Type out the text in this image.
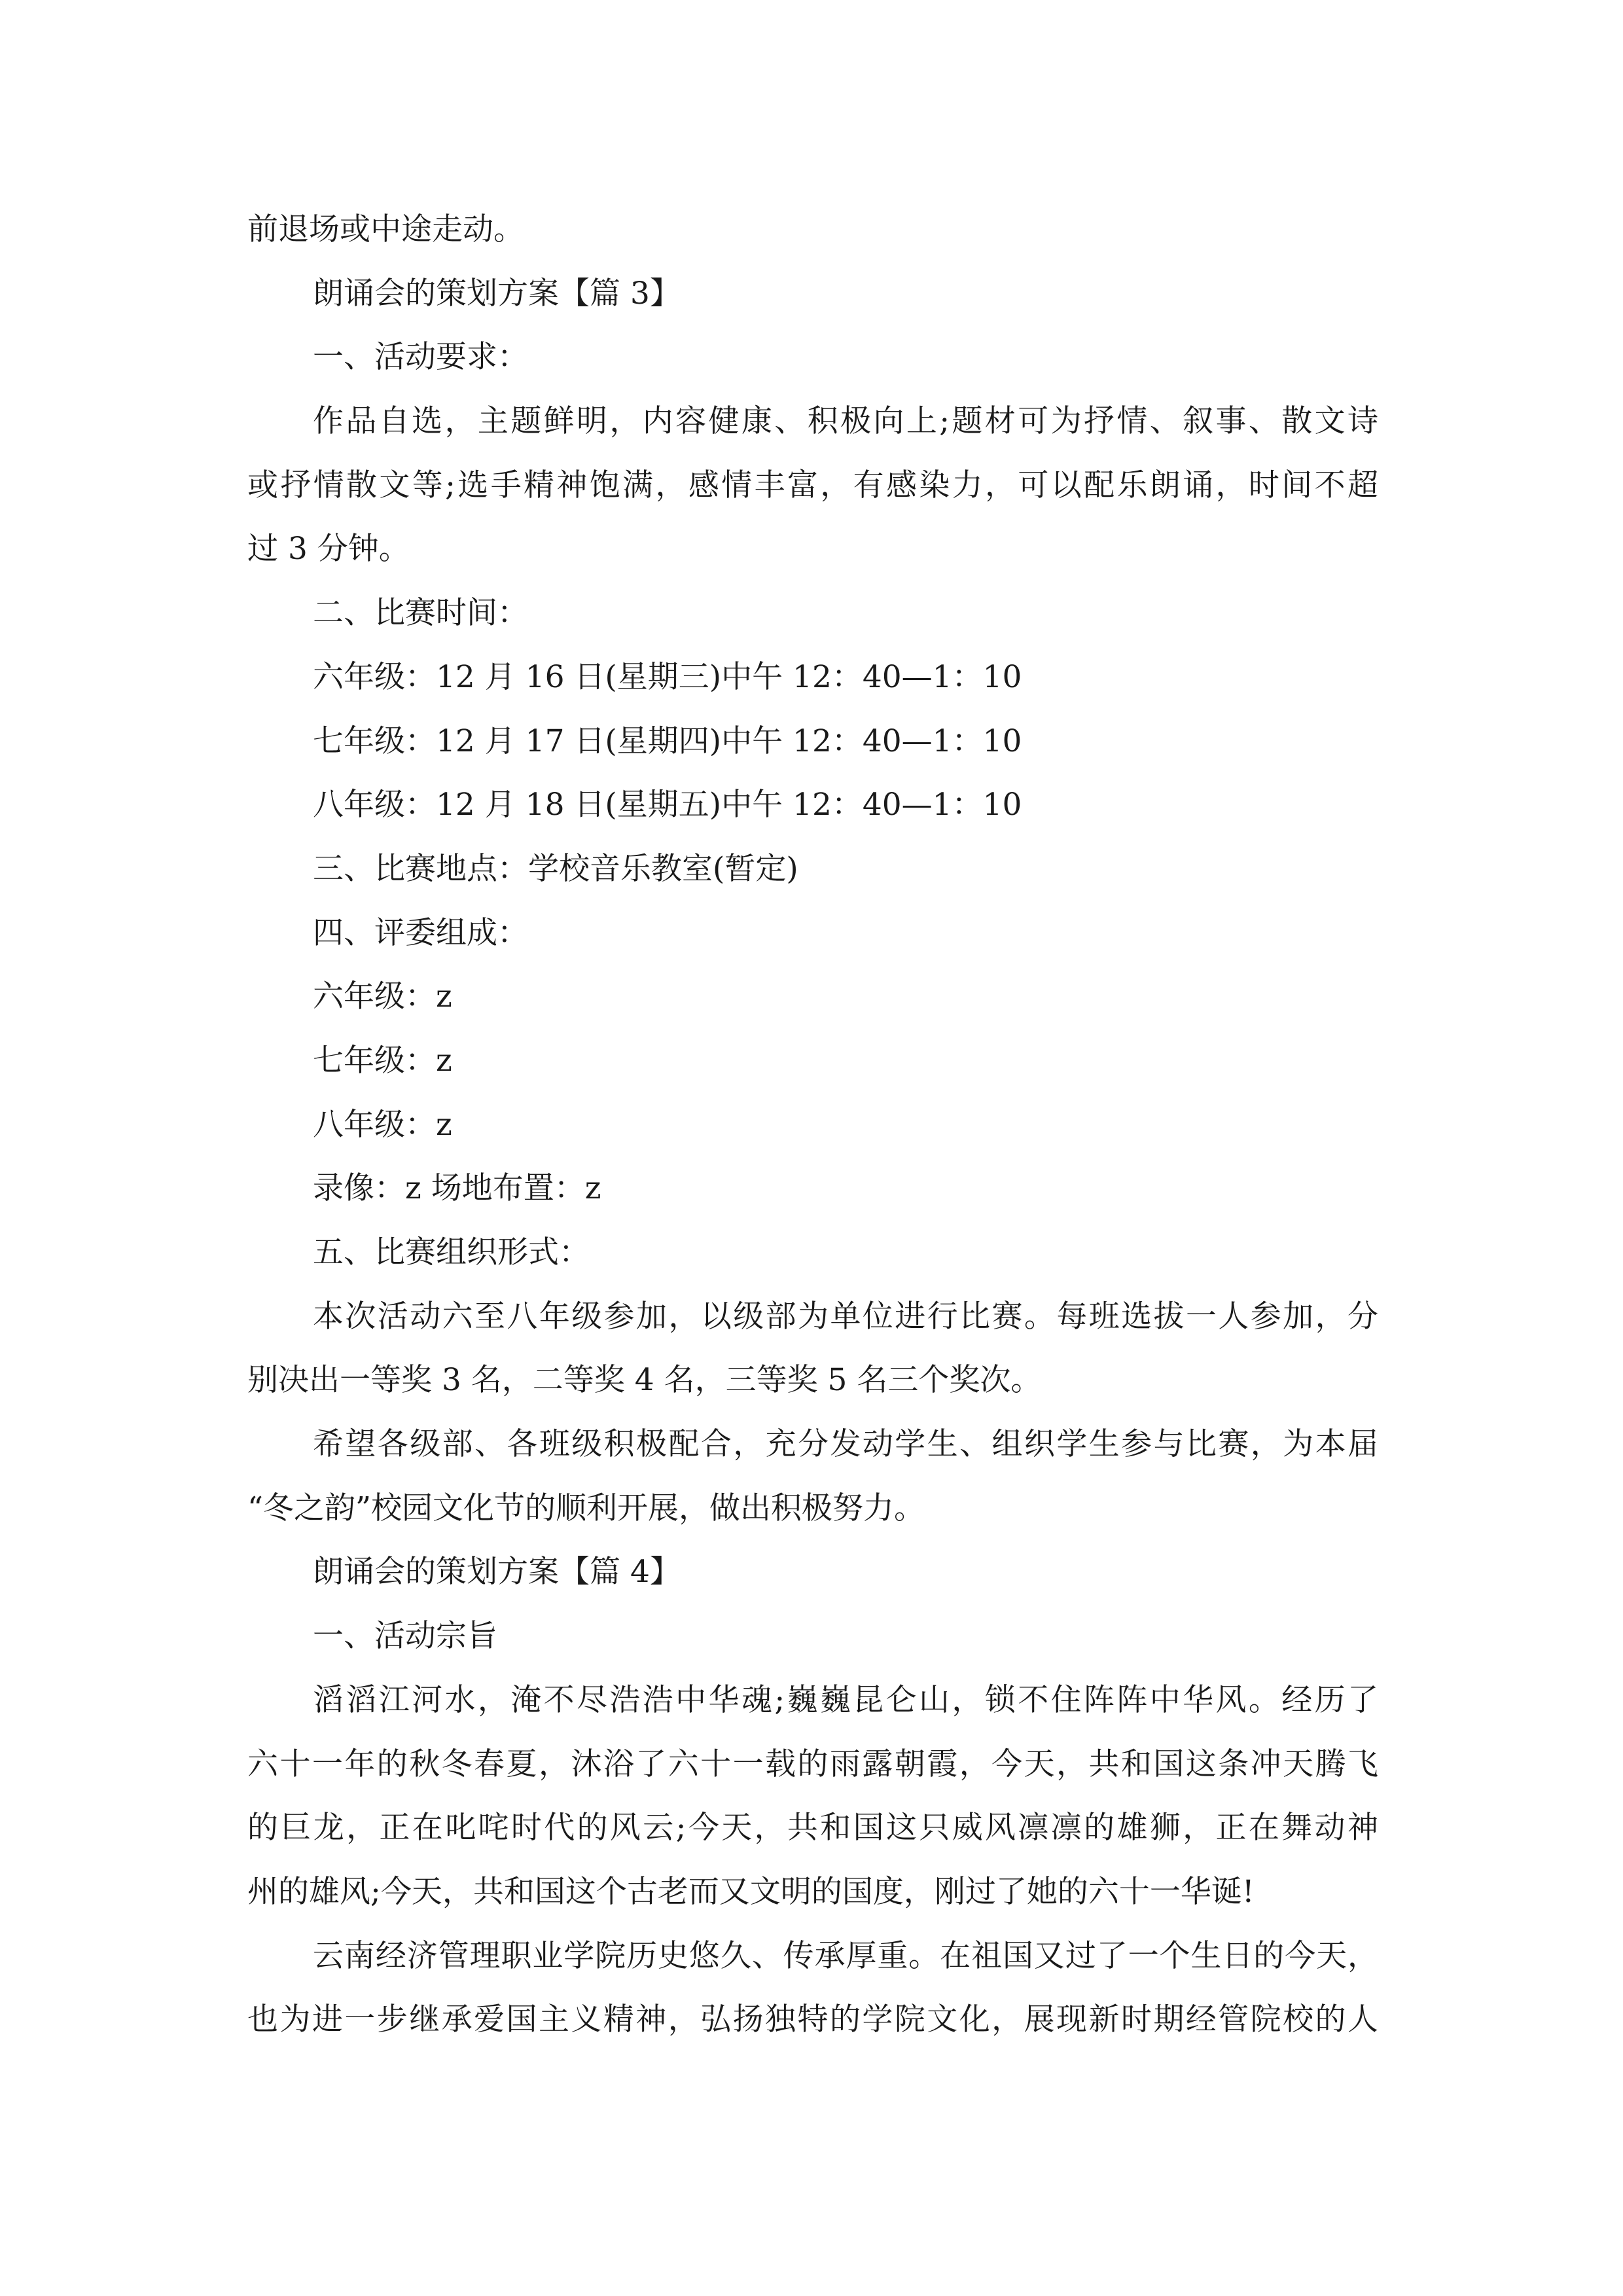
前退场或中途走动。
朗诵会的策划方案【篇 3】
一、活动要求：
作品自选，主题鲜明，内容健康、积极向上;题材可为抒情、叙事、散文诗
或抒情散文等;选手精神饱满，感情丰富，有感染力，可以配乐朗诵，时间不超
过 3 分钟。
二、比赛时间：
六年级：12 月 16 日(星期三)中午 12：40—1：10
七年级：12 月 17 日(星期四)中午 12：40—1：10
八年级：12 月 18 日(星期五)中午 12：40—1：10
三、比赛地点：学校音乐教室(暂定)
四、评委组成：
六年级：z
七年级：z
八年级：z
录像：z 场地布置：z
五、比赛组织形式：
本次活动六至八年级参加，以级部为单位进行比赛。每班选拔一人参加，分
别决出一等奖 3 名，二等奖 4 名，三等奖 5 名三个奖次。
希望各级部、各班级积极配合，充分发动学生、组织学生参与比赛，为本届
“冬之韵”校园文化节的顺利开展，做出积极努力。
朗诵会的策划方案【篇 4】
一、活动宗旨
滔滔江河水，淹不尽浩浩中华魂;巍巍昆仑山，锁不住阵阵中华风。经历了
六十一年的秋冬春夏，沐浴了六十一载的雨露朝霞，今天，共和国这条冲天腾飞
的巨龙，正在叱咤时代的风云;今天，共和国这只威风凛凛的雄狮，正在舞动神
州的雄风;今天，共和国这个古老而又文明的国度，刚过了她的六十一华诞!
云南经济管理职业学院历史悠久、传承厚重。在祖国又过了一个生日的今天，
也为进一步继承爱国主义精神，弘扬独特的学院文化，展现新时期经管院校的人
